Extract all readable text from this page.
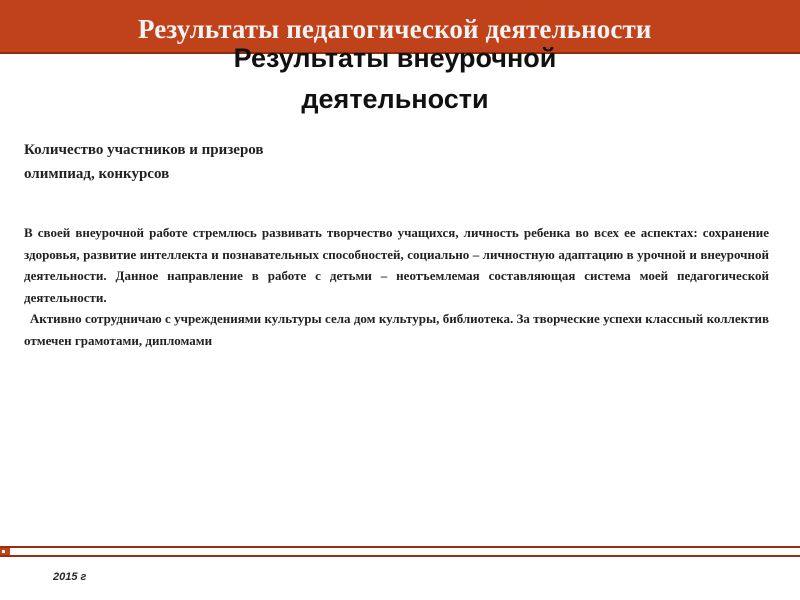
Результаты педагогической деятельности
Результаты внеурочной деятельности
Количество участников и призеров олимпиад, конкурсов

В своей внеурочной работе стремлюсь развивать творчество учащихся, личность ребенка во всех ее аспектах: сохранение здоровья, развитие интеллекта и познавательных способностей, социально – личностную адаптацию в урочной и внеурочной деятельности. Данное направление в работе с детьми – неотъемлемая составляющая система моей педагогической деятельности.

Активно сотрудничаю с учреждениями культуры села дом культуры, библиотека. За творческие успехи классный коллектив отмечен грамотами, дипломами

2015 г
